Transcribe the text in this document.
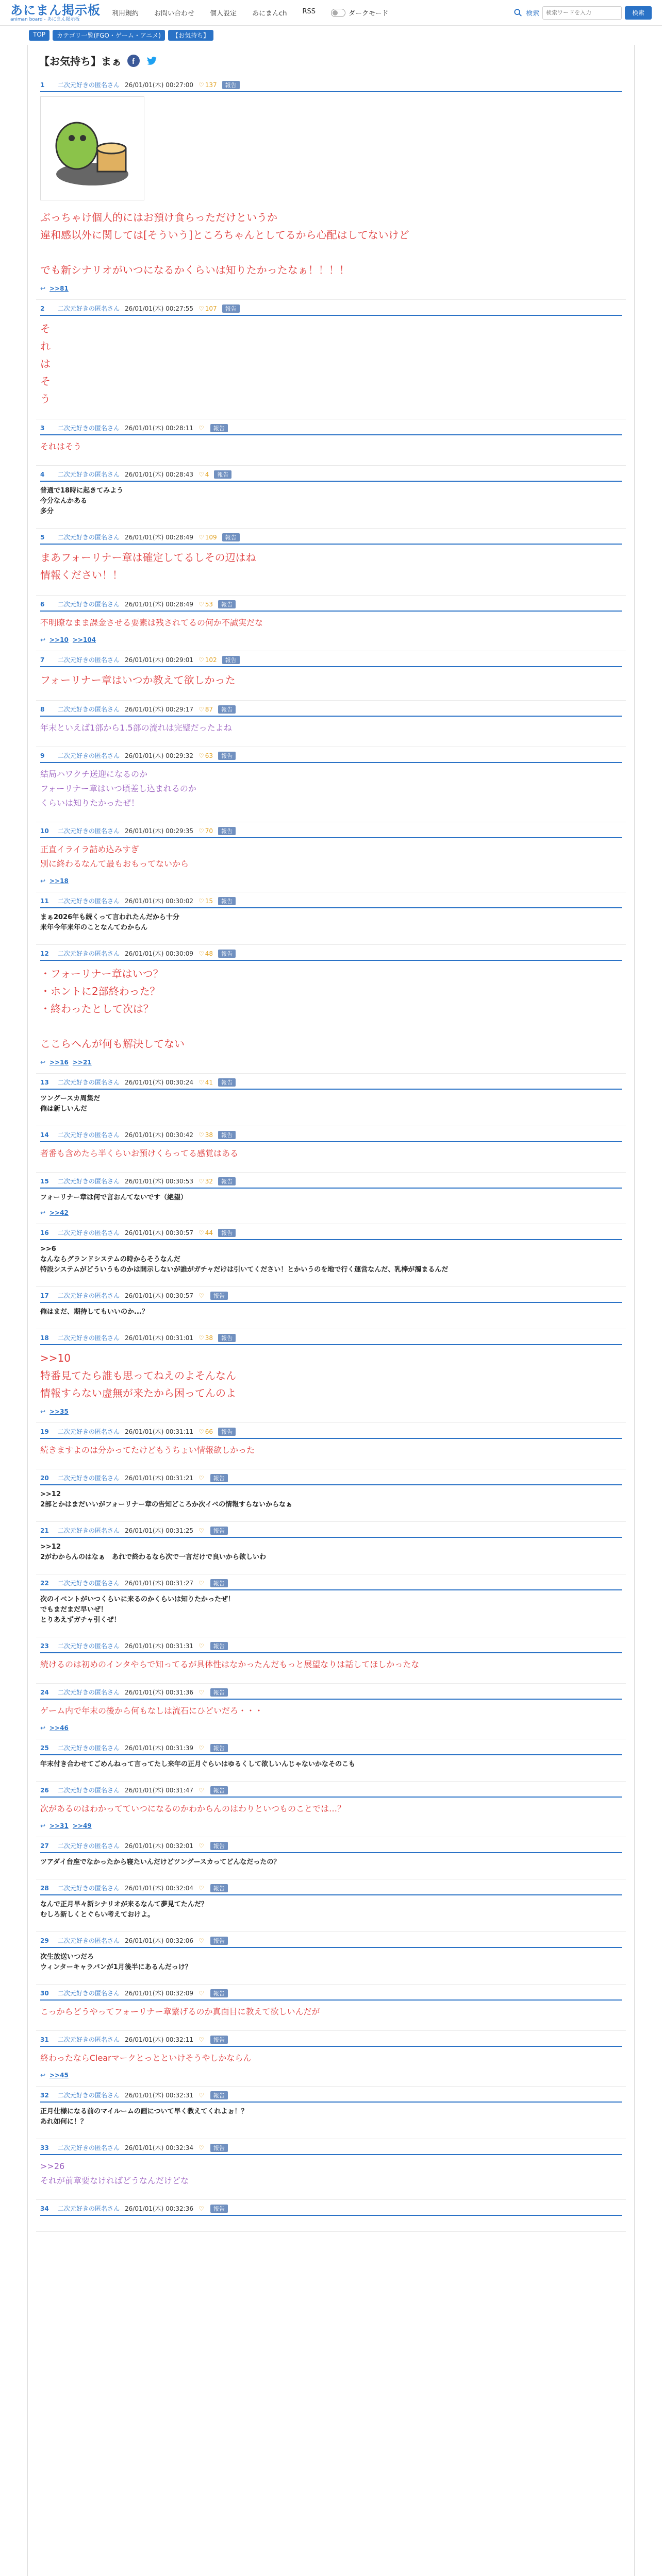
あにまん掲示板
animan board - あにまん掲示板
利用規約 お問い合わせ 個人設定 あにまんch RSS	ダークモード	検索
検索ワードを入力	検索
TOP	カテゴリ一覧(FGO・ゲーム・アニメ)	【お気持ち】
【お気持ち】まぁ f
1	二次元好きの匿名さん 26/01/01(木) 00:27:00 ♡ 137	報告
ぶっちゃけ個人的にはお預け食らっただけというか
違和感以外に関しては[そういう]ところちゃんとしてるから心配はしてないけど

でも新シナリオがいつになるかくらいは知りたかったなぁ！！！！
↩ >>81
2	二次元好きの匿名さん 26/01/01(木) 00:27:55 ♡ 107	報告
そ
れ
は
そ
う
3	二次元好きの匿名さん 26/01/01(木) 00:28:11 ♡	報告
それはそう
4	二次元好きの匿名さん 26/01/01(木) 00:28:43 ♡ 4	報告
普通で18時に起きてみよう
今分なんかある
多分
5	二次元好きの匿名さん 26/01/01(木) 00:28:49 ♡ 109	報告
まあフォーリナー章は確定してるしその辺はね
情報ください！！
6	二次元好きの匿名さん 26/01/01(木) 00:28:49 ♡ 53	報告
不明瞭なまま課金させる要素は残されてるの何か不誠実だな
↩ >>10 >>104
7	二次元好きの匿名さん 26/01/01(木) 00:29:01 ♡ 102	報告
フォーリナー章はいつか教えて欲しかった
8	二次元好きの匿名さん 26/01/01(木) 00:29:17 ♡ 87	報告
年末といえば1部から1.5部の流れは完璧だったよね
9	二次元好きの匿名さん 26/01/01(木) 00:29:32 ♡ 63	報告
結局ハワクチ送迎になるのか
フォーリナー章はいつ頃差し込まれるのか
くらいは知りたかったぜ！
10	二次元好きの匿名さん 26/01/01(木) 00:29:35 ♡ 70	報告
正直イライラ詰め込みすぎ
別に終わるなんて最もおもってないから
↩ >>18
11	二次元好きの匿名さん 26/01/01(木) 00:30:02 ♡ 15	報告
まぁ2026年も続くって言われたんだから十分
来年今年来年のことなんてわからん
12	二次元好きの匿名さん 26/01/01(木) 00:30:09 ♡ 48	報告
・フォーリナー章はいつ？
・ホントに2部終わった？
・終わったとして次は？

ここらへんが何も解決してない
↩ >>16 >>21
13	二次元好きの匿名さん 26/01/01(木) 00:30:24 ♡ 41	報告
ツングースカ周集だ
俺は新しいんだ
14	二次元好きの匿名さん 26/01/01(木) 00:30:42 ♡ 38	報告
者番も含めたら半くらいお預けくらってる感覚はある
15	二次元好きの匿名さん 26/01/01(木) 00:30:53 ♡ 32	報告
フォーリナー章は何で言おんてないです（絶望）
↩ >>42
16	二次元好きの匿名さん 26/01/01(木) 00:30:57 ♡ 44	報告
>>6
なんならグランドシステムの時からそうなんだ
特段システムがどういうものかは開示しないが誰がガチャだけは引いてください！とかいうのを地で行く運営なんだ、乳棒が濁まるんだ
17	二次元好きの匿名さん 26/01/01(木) 00:30:57 ♡	報告
俺はまだ、期待してもいいのか...？
18	二次元好きの匿名さん 26/01/01(木) 00:31:01 ♡ 38	報告
>>10
特番見てたら誰も思ってねえのよそんなん
情報すらない虚無が来たから困ってんのよ
↩ >>35
19	二次元好きの匿名さん 26/01/01(木) 00:31:11 ♡ 66	報告
続きますよのは分かってたけどもうちょい情報欲しかった
20	二次元好きの匿名さん 26/01/01(木) 00:31:21 ♡	報告
>>12
2部とかはまだいいがフォーリナー章の告知どころか次イベの情報すらないからなぁ
21	二次元好きの匿名さん 26/01/01(木) 00:31:25 ♡	報告
>>12
2がわからんのはなぁ　あれで終わるなら次で一言だけで良いから欲しいわ
22	二次元好きの匿名さん 26/01/01(木) 00:31:27 ♡	報告
次のイベントがいつくらいに来るのかくらいは知りたかったぜ！
でもまだまだ早いぜ！
とりあえずガチャ引くぜ！
23	二次元好きの匿名さん 26/01/01(木) 00:31:31 ♡	報告
続けるのは初めのインタやらで知ってるが具体性はなかったんだもっと展望なりは話してほしかったな
24	二次元好きの匿名さん 26/01/01(木) 00:31:36 ♡	報告
ゲーム内で年末の後から何もなしは流石にひどいだろ・・・
↩ >>46
25	二次元好きの匿名さん 26/01/01(木) 00:31:39 ♡	報告
年末付き合わせてごめんねって言ってたし来年の正月ぐらいはゆるくして欲しいんじゃないかなそのこも
26	二次元好きの匿名さん 26/01/01(木) 00:31:47 ♡	報告
次があるのはわかってていつになるのかわからんのはわりといつものことでは…？
↩ >>31 >>49
27	二次元好きの匿名さん 26/01/01(木) 00:32:01 ♡	報告
ツアダイ台座でなかったから寝たいんだけどツングースカってどんなだったの？
28	二次元好きの匿名さん 26/01/01(木) 00:32:04 ♡	報告
なんで正月早々新シナリオが来るなんて夢見てたんだ？
むしろ新しくとぐらい考えておけよ。
29	二次元好きの匿名さん 26/01/01(木) 00:32:06 ♡	報告
次生放送いつだろ
ウィンターキャラバンが1月後半にあるんだっけ？
30	二次元好きの匿名さん 26/01/01(木) 00:32:09 ♡	報告
こっからどうやってフォーリナー章繋げるのか真面目に教えて欲しいんだが
31	二次元好きの匿名さん 26/01/01(木) 00:32:11 ♡	報告
終わったならClearマークとっとといけそうやしかならん
↩ >>45
32	二次元好きの匿名さん 26/01/01(木) 00:32:31 ♡	報告
正月仕様になる前のマイルームの画について早く教えてくれよぉ！？
あれ如何に！？
33	二次元好きの匿名さん 26/01/01(木) 00:32:34 ♡	報告
>>26
それが前章要なければどうなんだけどな
34	二次元好きの匿名さん 26/01/01(木) 00:32:36 ♡	報告
